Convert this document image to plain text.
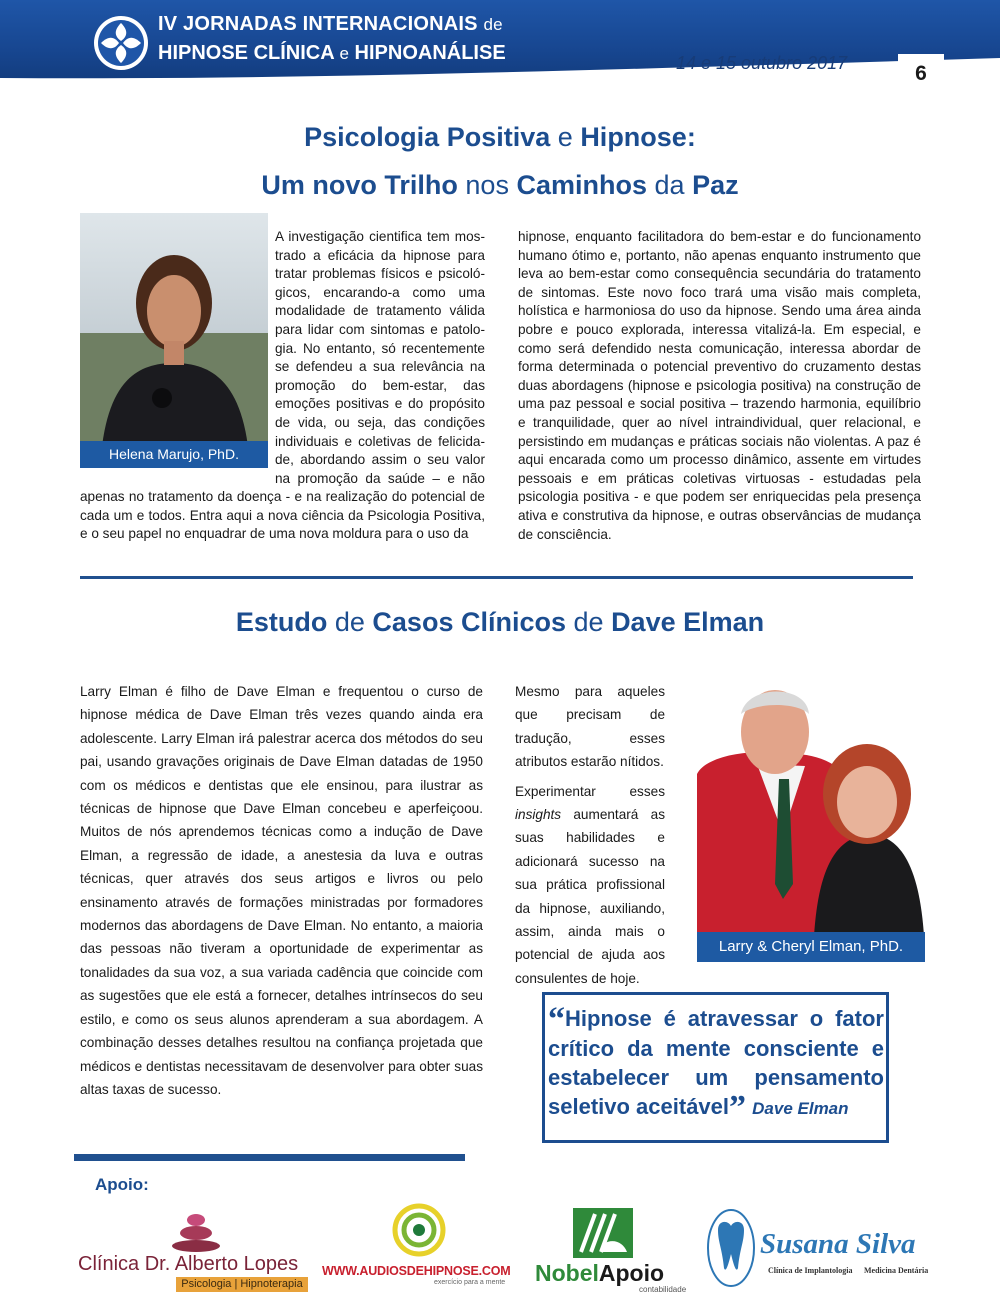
IV JORNADAS INTERNACIONAIS de
HIPNOSE CLÍNICA e HIPNOANÁLISE	14 e 15 outubro 2017	6
Psicologia Positiva e Hipnose:
Um novo Trilho nos Caminhos da Paz
Helena Marujo, PhD.
A investigação cientifica tem mos-
trado a eficácia da hipnose para
tratar problemas físicos e psicoló-
gicos, encarando-a como uma
modalidade de tratamento válida
para lidar com sintomas e patolo-
gia. No entanto, só recentemente
se defendeu a sua relevância na
promoção do bem-estar, das
emoções positivas e do propósito
de vida, ou seja, das condições
individuais e coletivas de felicida-
de, abordando assim o seu valor
na promoção da saúde – e não
apenas no tratamento da doença - e na realização do potencial de cada um e todos. Entra aqui a nova ciência da Psicologia Positiva, e o seu papel no enquadrar de uma nova moldura para o uso da
hipnose, enquanto facilitadora do bem-estar e do funcionamento humano ótimo e, portanto, não apenas enquanto instrumento que leva ao bem-estar como consequência secundária do tratamento de sintomas. Este novo foco trará uma visão mais completa, holística e harmoniosa do uso da hipnose. Sendo uma área ainda pobre e pouco explorada, interessa vitalizá-la. Em especial, e como será defendido nesta comunicação, interessa abordar de forma determinada o potencial preventivo do cruzamento destas duas abordagens (hipnose e psicologia positiva) na construção de uma paz pessoal e social positiva – trazendo harmonia, equilíbrio e tranquilidade, quer ao nível intraindividual, quer relacional, e persistindo em mudanças e práticas sociais não violentas. A paz é aqui encarada como um processo dinâmico, assente em virtudes pessoais e em práticas coletivas virtuosas - estudadas pela psicologia positiva - e que podem ser enriquecidas pela presença ativa e construtiva da hipnose, e outras observâncias de mudança de consciência.
Estudo de Casos Clínicos de Dave Elman
Larry Elman é filho de Dave Elman e frequentou o curso de hipnose médica de Dave Elman três vezes quando ainda era adolescente. Larry Elman irá palestrar acerca dos métodos do seu pai, usando gravações originais de Dave Elman datadas de 1950 com os médicos e dentistas que ele ensinou, para ilustrar as técnicas de hipnose que Dave Elman concebeu e aperfeiçoou. Muitos de nós aprendemos técnicas como a indução de Dave Elman, a regressão de idade, a anestesia da luva e outras técnicas, quer através dos seus artigos e livros ou pelo ensinamento através de formações ministradas por formadores modernos das abordagens de Dave Elman. No entanto, a maioria das pessoas não tiveram a oportunidade de experimentar as tonalidades da sua voz, a sua variada cadência que coincide com as sugestões que ele está a fornecer, detalhes intrínsecos do seu estilo, e como os seus alunos aprenderam a sua abordagem. A combinação desses detalhes resultou na confiança projetada que médicos e dentistas necessitavam de desenvolver para obter suas altas taxas de sucesso.
Mesmo para aqueles que precisam de tradução, esses atributos estarão nítidos.
Experimentar esses insights aumentará as suas habilidades e adicionará sucesso na sua prática profissional da hipnose, auxiliando, assim, ainda mais o potencial de ajuda aos consulentes de hoje.
Larry & Cheryl Elman, PhD.
“Hipnose é atravessar o fator crítico da mente consciente e estabelecer um pensamento seletivo aceitável” Dave Elman
Apoio:
Clínica Dr. Alberto Lopes
Psicologia | Hipnoterapia
WWW.AUDIOSDEHIPNOSE.COM
exercício para a mente NobelApoio
contabilidade
Susana Silva
Clínica de Implantologia Medicina Dentária
